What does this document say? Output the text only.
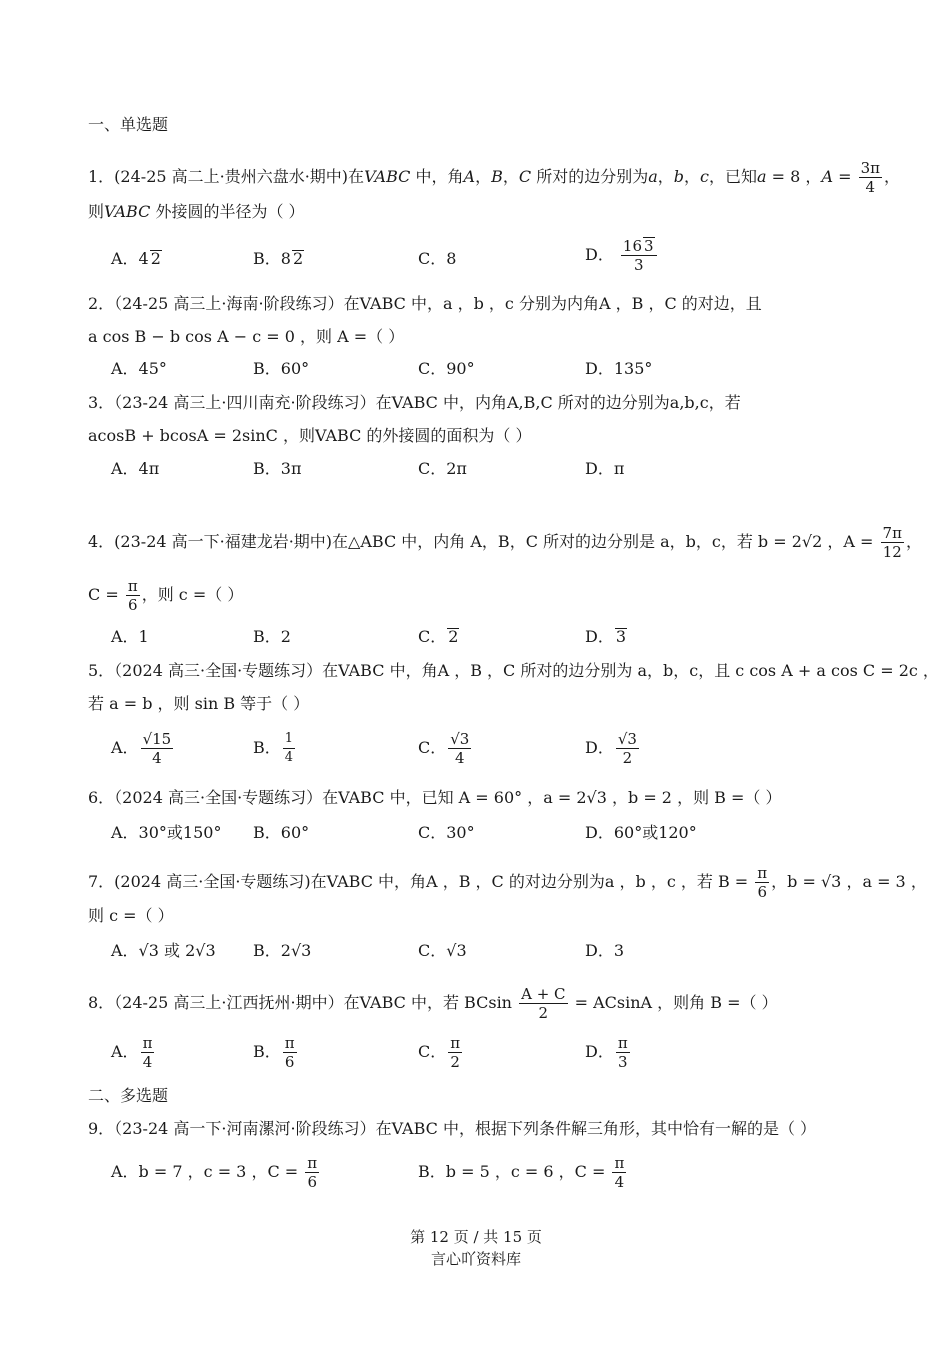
一、单选题
1．(24-25 高二上·贵州六盘水·期中)在VABC 中，角A，B，C 所对的边分别为a，b，c，已知a = 8 ，$A = \frac{3\pi}{4}$ ，
则VABC 外接圆的半径为（ ）
A．4 2	B．8 2	C．8	D． $\frac{16 3}{3}$
2．（24-25 高三上·海南·阶段练习）在VABC 中，a ，b ，c 分别为内角A ，B ，C 的对边，且
a cos B − b cos A − c = 0 ，则 A =（ ）
A．45°	B．60°	C．90°	D．135°
3．（23-24 高三上·四川南充·阶段练习）在VABC 中，内角A,B,C 所对的边分别为a,b,c，若
acosB + bcosA = 2sinC ，则VABC 的外接圆的面积为（ ）
A．4π	B．3π	C．2π	D．π
4．(23-24 高一下·福建龙岩·期中)在△ABC 中，内角 A，B，C 所对的边分别是 a，b，c，若 b = 2√2 ，$A = \frac{7\pi}{12}$ ，
$C = \frac{\pi}{6}$ ，则 c =（ ）
A．1	B．2	C． 2	D． 3
5．（2024 高三·全国·专题练习）在VABC 中，角A ，B ，C 所对的边分别为 a，b，c，且 c cos A + a cos C = 2c ，
若 a = b ，则 sin B 等于（ ）
A． $\frac{√15}{4}$	B． $\frac{1}{4}$	C． $\frac{√3}{4}$	D． $\frac{√3}{2}$
6．（2024 高三·全国·专题练习）在VABC 中，已知 A = 60° ，a = 2√3 ，b = 2 ，则 B =（ ）
A．30°或150° B．60°	C．30°	D．60°或120°
7．(2024 高三·全国·专题练习)在VABC 中，角A ，B ，C 的对边分别为a ，b ，c ，若 $B = \frac{\pi}{6}$ ，b = √3 ，a = 3 ，
则 c =（ ）
A．√3 或 2√3 B．2√3	C．√3	D．3
8．（24-25 高三上·江西抚州·期中）在VABC 中，若 BCsin $\frac{A + C}{2} = ACsinA$ ，则角 B =（ ）
A． $\frac{\pi}{4}$	B． $\frac{\pi}{6}$	C． $\frac{\pi}{2}$	D． $\frac{\pi}{3}$
二、多选题
9．（23-24 高一下·河南漯河·阶段练习）在VABC 中，根据下列条件解三角形，其中恰有一解的是（ ）
A．b = 7 ，c = 3 ，$C = \frac{\pi}{6}$	B．b = 5 ，c = 6 ，$C = \frac{\pi}{4}$
第 12 页 / 共 15 页
言心吖资料库
